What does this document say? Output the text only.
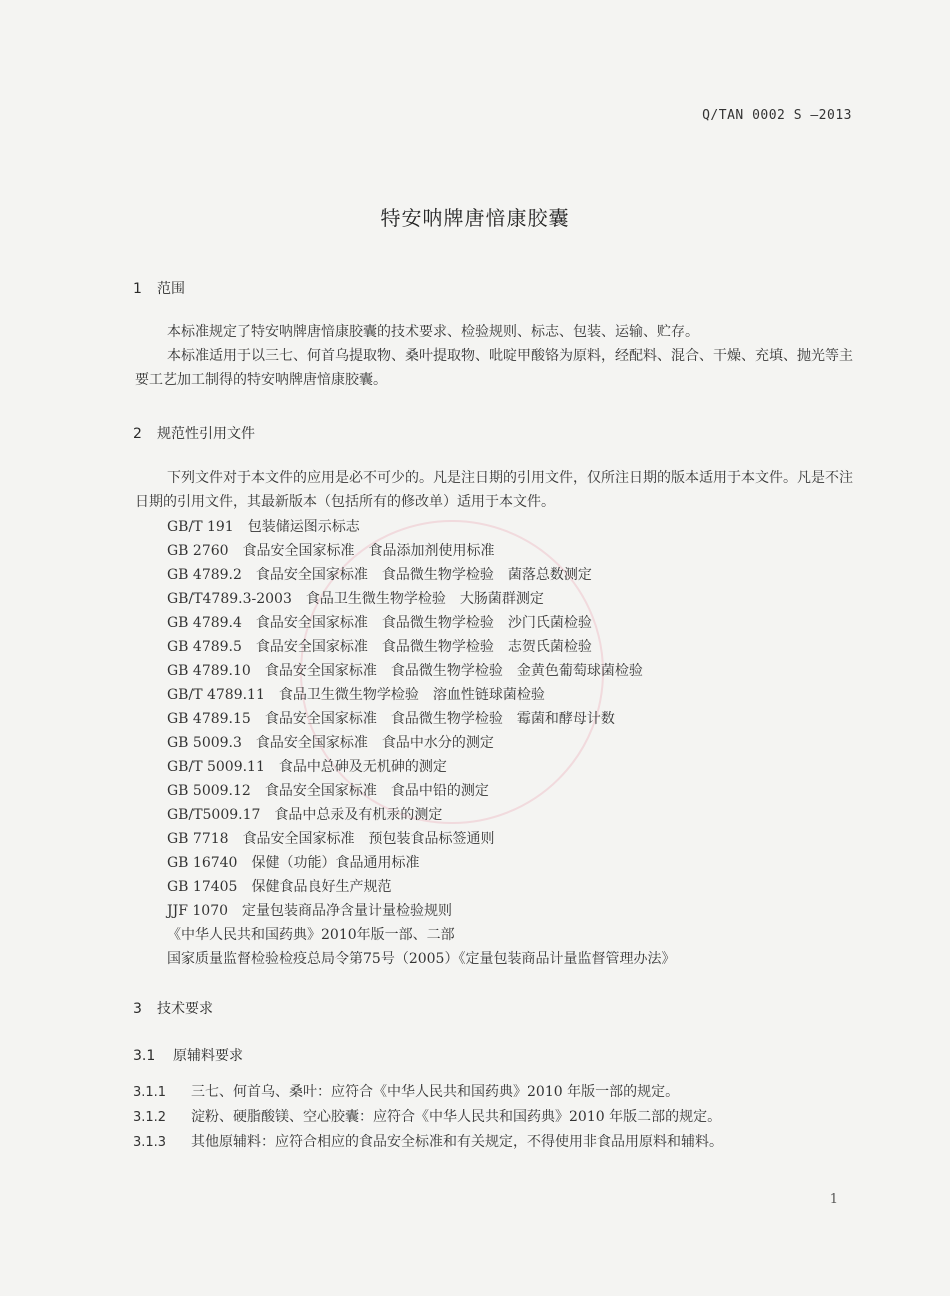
Q/TAN 0002 S —2013
特安呐牌唐愔康胶囊
1 范围
本标准规定了特安呐牌唐愔康胶囊的技术要求、检验规则、标志、包装、运输、贮存。
本标准适用于以三七、何首乌提取物、桑叶提取物、吡啶甲酸铬为原料，经配料、混合、干燥、充填、抛光等主要工艺加工制得的特安呐牌唐愔康胶囊。
2 规范性引用文件
下列文件对于本文件的应用是必不可少的。凡是注日期的引用文件，仅所注日期的版本适用于本文件。凡是不注日期的引用文件，其最新版本（包括所有的修改单）适用于本文件。
GB/T 191 包装储运图示标志
GB 2760 食品安全国家标准　食品添加剂使用标准
GB 4789.2 食品安全国家标准　食品微生物学检验　菌落总数测定
GB/T4789.3-2003 食品卫生微生物学检验　大肠菌群测定
GB 4789.4 食品安全国家标准　食品微生物学检验　沙门氏菌检验
GB 4789.5 食品安全国家标准　食品微生物学检验　志贺氏菌检验
GB 4789.10 食品安全国家标准　食品微生物学检验　金黄色葡萄球菌检验
GB/T 4789.11 食品卫生微生物学检验　溶血性链球菌检验
GB 4789.15 食品安全国家标准　食品微生物学检验　霉菌和酵母计数
GB 5009.3 食品安全国家标准　食品中水分的测定
GB/T 5009.11 食品中总砷及无机砷的测定
GB 5009.12 食品安全国家标准　食品中铅的测定
GB/T5009.17 食品中总汞及有机汞的测定
GB 7718 食品安全国家标准　预包装食品标签通则
GB 16740 保健（功能）食品通用标准
GB 17405 保健食品良好生产规范
JJF 1070 定量包装商品净含量计量检验规则
《中华人民共和国药典》2010年版一部、二部
国家质量监督检验检疫总局令第75号（2005）《定量包装商品计量监督管理办法》
3 技术要求
3.1 原辅料要求
3.1.1 三七、何首乌、桑叶：应符合《中华人民共和国药典》2010 年版一部的规定。
3.1.2 淀粉、硬脂酸镁、空心胶囊：应符合《中华人民共和国药典》2010 年版二部的规定。
3.1.3 其他原辅料：应符合相应的食品安全标准和有关规定，不得使用非食品用原料和辅料。
1
